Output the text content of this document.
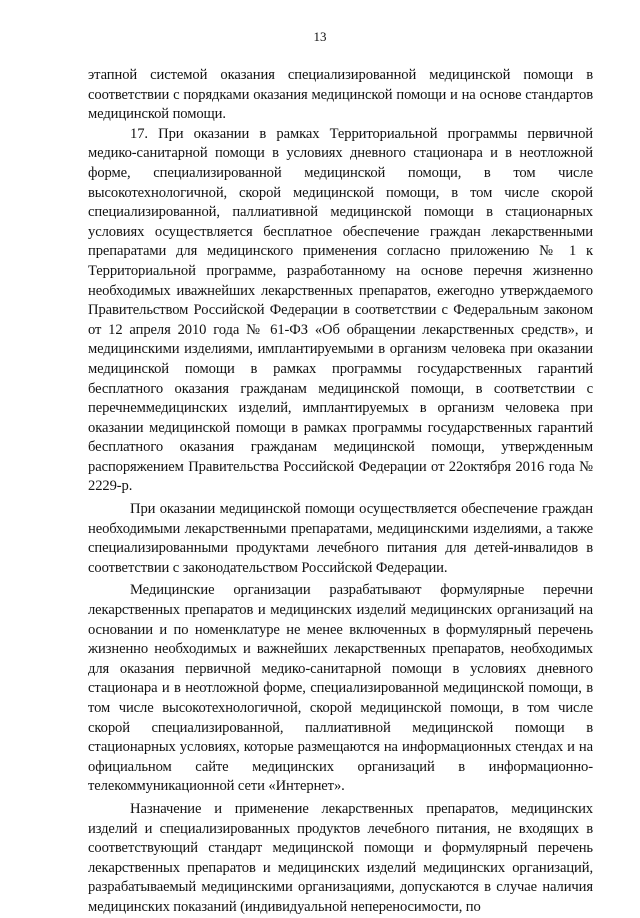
13

этапной системой оказания специализированной медицинской помощи в соответствии с порядками оказания медицинской помощи и на основе стандартов медицинской помощи.

17. При оказании в рамках Территориальной программы первичной медико-санитарной помощи в условиях дневного стационара и в неотложной форме, специализированной медицинской помощи, в том числе высокотехнологичной, скорой медицинской помощи, в том числе скорой специализированной, паллиативной медицинской помощи в стационарных условиях осуществляется бесплатное обеспечение граждан лекарственными препаратами для медицинского применения согласно приложению № 1 к Территориальной программе, разработанному на основе перечня жизненно необходимых иважнейших лекарственных препаратов, ежегодно утверждаемого Правительством Российской Федерации в соответствии с Федеральным законом от 12 апреля 2010 года № 61-ФЗ «Об обращении лекарственных средств», и медицинскими изделиями, имплантируемыми в организм человека при оказании медицинской помощи в рамках программы государственных гарантий бесплатного оказания гражданам медицинской помощи, в соответствии с перечнеммедицинских изделий, имплантируемых в организм человека при оказании медицинской помощи в рамках программы государственных гарантий бесплатного оказания гражданам медицинской помощи, утвержденным распоряжением Правительства Российской Федерации от 22октября 2016 года № 2229-р.

При оказании медицинской помощи осуществляется обеспечение граждан необходимыми лекарственными препаратами, медицинскими изделиями, а также специализированными продуктами лечебного питания для детей-инвалидов в соответствии с законодательством Российской Федерации.

Медицинские организации разрабатывают формулярные перечни лекарственных препаратов и медицинских изделий медицинских организаций на основании и по номенклатуре не менее включенных в формулярный перечень жизненно необходимых и важнейших лекарственных препаратов, необходимых для оказания первичной медико-санитарной помощи в условиях дневного стационара и в неотложной форме, специализированной медицинской помощи, в том числе высокотехнологичной, скорой медицинской помощи, в том числе скорой специализированной, паллиативной медицинской помощи в стационарных условиях, которые размещаются на информационных стендах и на официальном сайте медицинских организаций в информационно-телекоммуникационной сети «Интернет».

Назначение и применение лекарственных препаратов, медицинских изделий и специализированных продуктов лечебного питания, не входящих в соответствующий стандарт медицинской помощи и формулярный перечень лекарственных препаратов и медицинских изделий медицинских организаций, разрабатываемый медицинскими организациями, допускаются в случае наличия медицинских показаний (индивидуальной непереносимости, по
